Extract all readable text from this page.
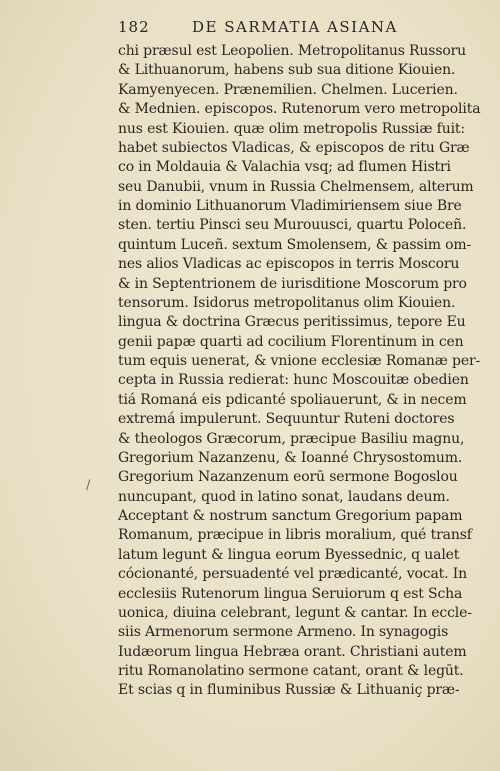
182	DE SARMATIA ASIANA
/
chi præsul est Leopolien. Metropolitanus Russoru
& Lithuanorum, habens sub sua ditione Kiouien.
Kamyenyecen. Prænemilien. Chelmen. Lucerien.
& Mednien. episcopos. Rutenorum vero metropolita
nus est Kiouien. quæ olim metropolis Russiæ fuit:
habet subiectos Vladicas, & episcopos de ritu Græ
co in Moldauia & Valachia vsq; ad flumen Histri
seu Danubii, vnum in Russia Chelmensem, alterum
in dominio Lithuanorum Vladimiriensem siue Bre
sten. tertiu Pinsci seu Murouusci, quartu Poloceñ.
quintum Luceñ. sextum Smolensem, & passim om-
nes alios Vladicas ac episcopos in terris Moscoru
& in Septentrionem de iurisditione Moscorum pro
tensorum. Isidorus metropolitanus olim Kiouien.
lingua & doctrina Græcus peritissimus, tepore Eu
genii papæ quarti ad cocilium Florentinum in cen
tum equis uenerat, & vnione ecclesiæ Romanæ per-
cepta in Russia redierat: hunc Moscouitæ obedien
tiá Romaná eis pdicanté spoliauerunt, & in necem
extremá impulerunt. Sequuntur Ruteni doctores
& theologos Græcorum, præcipue Basiliu magnu,
Gregorium Nazanzenu, & Ioanné Chrysostomum.
Gregorium Nazanzenum eorū sermone Bogoslou
nuncupant, quod in latino sonat, laudans deum.
Acceptant & nostrum sanctum Gregorium papam
Romanum, præcipue in libris moralium, qué transf
latum legunt & lingua eorum Byessednic, q ualet
cócionanté, persuadenté vel prædicanté, vocat. In
ecclesiis Rutenorum lingua Seruiorum q est Scha
uonica, diuina celebrant, legunt & cantar. In eccle-
siis Armenorum sermone Armeno. In synagogis
Iudæorum lingua Hebræa orant. Christiani autem
ritu Romanolatino sermone catant, orant & legūt.
Et scias q in fluminibus Russiæ & Lithuaniç præ-
